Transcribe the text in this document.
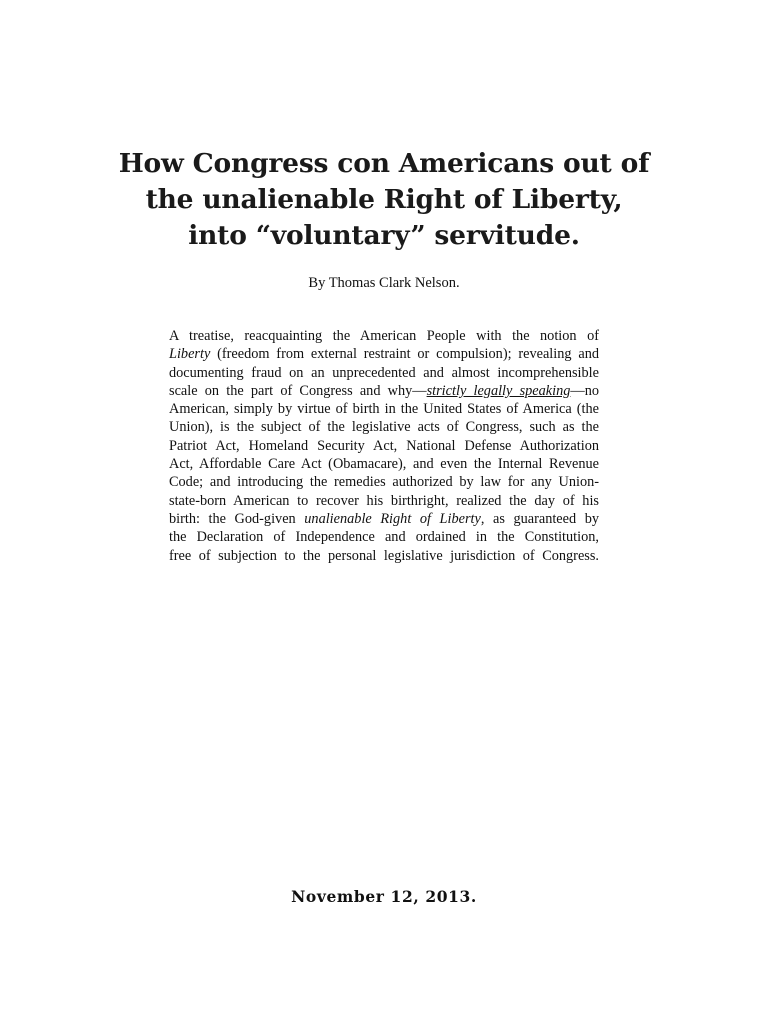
How Congress con Americans out of
the unalienable Right of Liberty,
into “voluntary” servitude.
By Thomas Clark Nelson.
A treatise, reacquainting the American People with the notion of
Liberty (freedom from external restraint or compulsion); revealing and
documenting fraud on an unprecedented and almost incomprehensible
scale on the part of Congress and why—strictly legally speaking—no
American, simply by virtue of birth in the United States of America (the
Union), is the subject of the legislative acts of Congress, such as the
Patriot Act, Homeland Security Act, National Defense Authorization
Act, Affordable Care Act (Obamacare), and even the Internal Revenue
Code; and introducing the remedies authorized by law for any Union-
state-born American to recover his birthright, realized the day of his
birth: the God-given unalienable Right of Liberty, as guaranteed by
the Declaration of Independence and ordained in the Constitution,
free of subjection to the personal legislative jurisdiction of Congress.
November 12, 2013.
